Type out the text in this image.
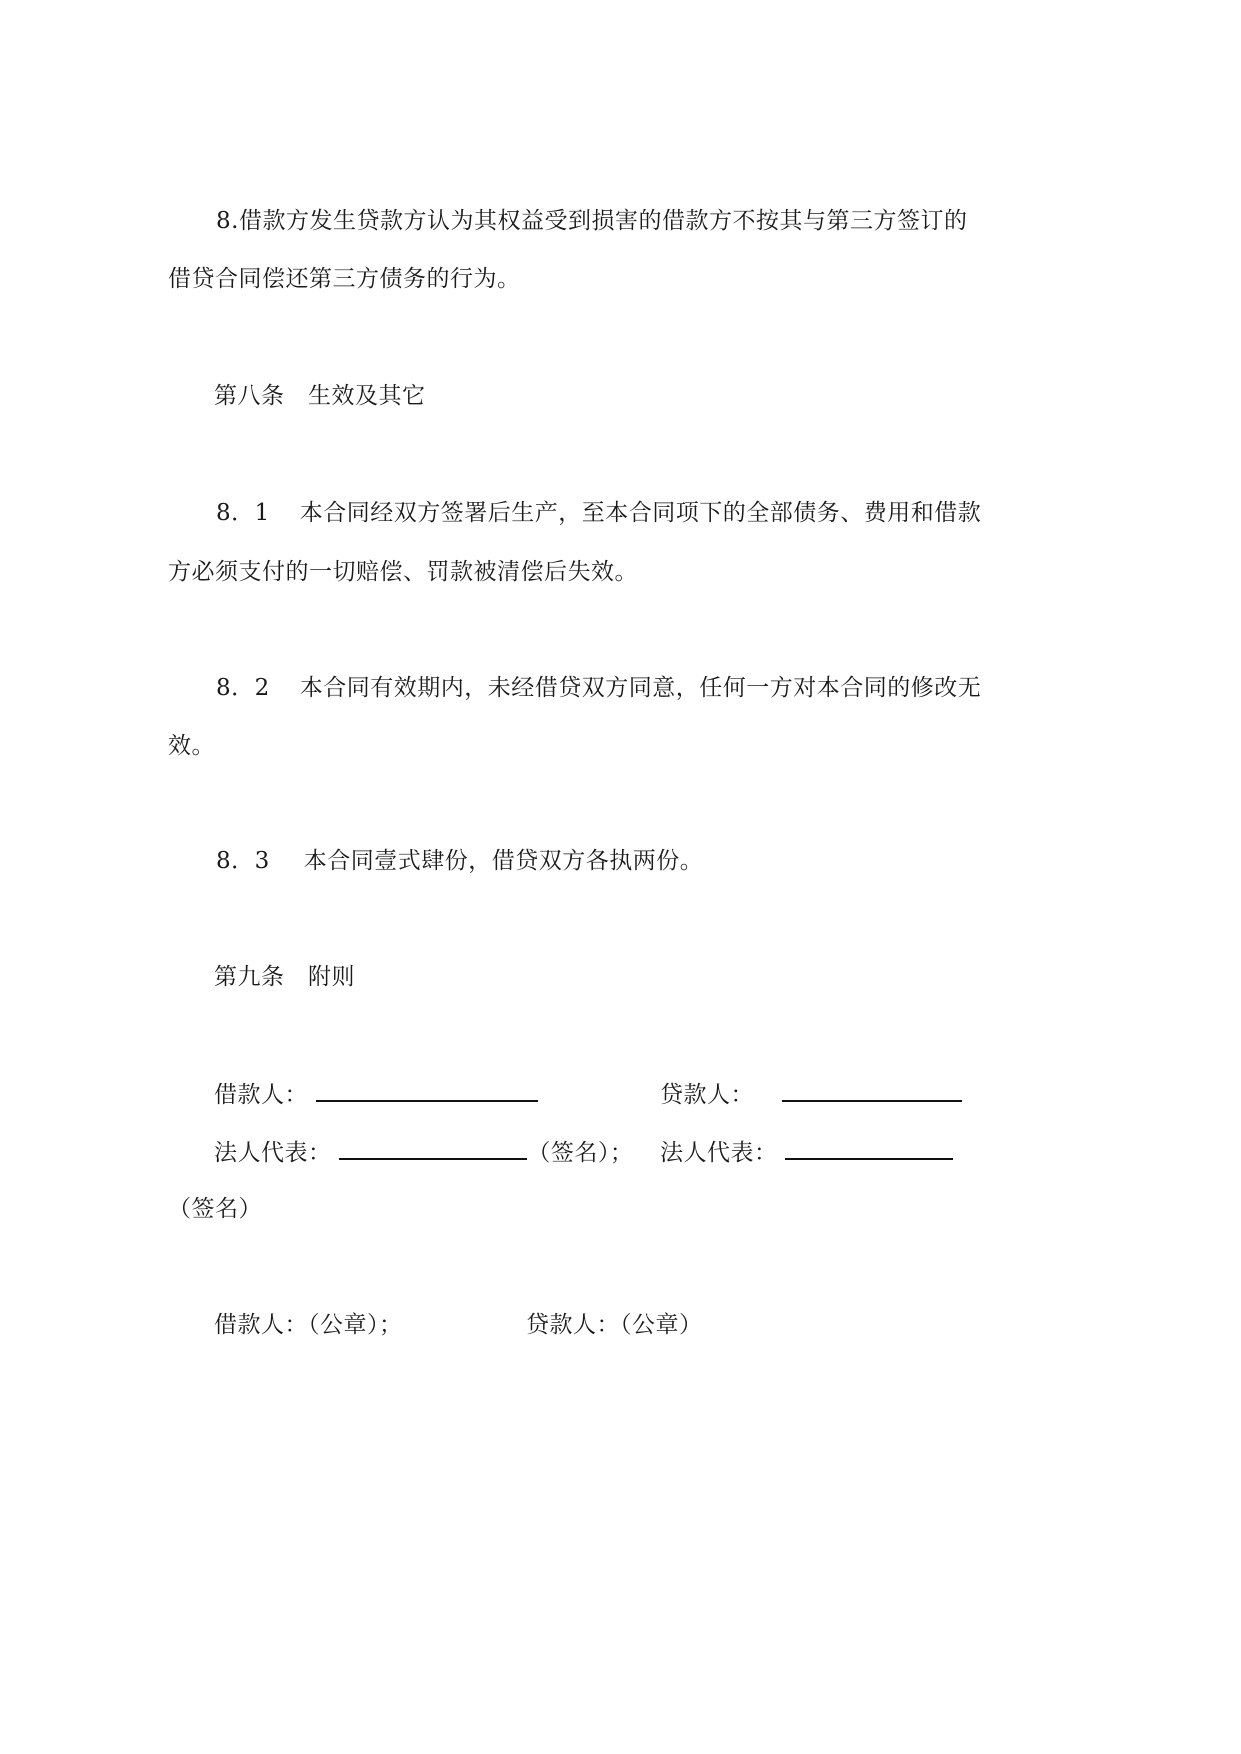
8.借款方发生贷款方认为其权益受到损害的借款方不按其与第三方签订的
借贷合同偿还第三方债务的行为。
第八条　生效及其它
8．1 本合同经双方签署后生产，至本合同项下的全部债务、费用和借款
方必须支付的一切赔偿、罚款被清偿后失效。
8．2 本合同有效期内，未经借贷双方同意，任何一方对本合同的修改无
效。
8．3 本合同壹式肆份，借贷双方各执两份。
第九条　附则
借款人：	贷款人：
法人代表：	（签名）； 法人代表：
（签名）
借款人：（公章）；	贷款人：（公章）
